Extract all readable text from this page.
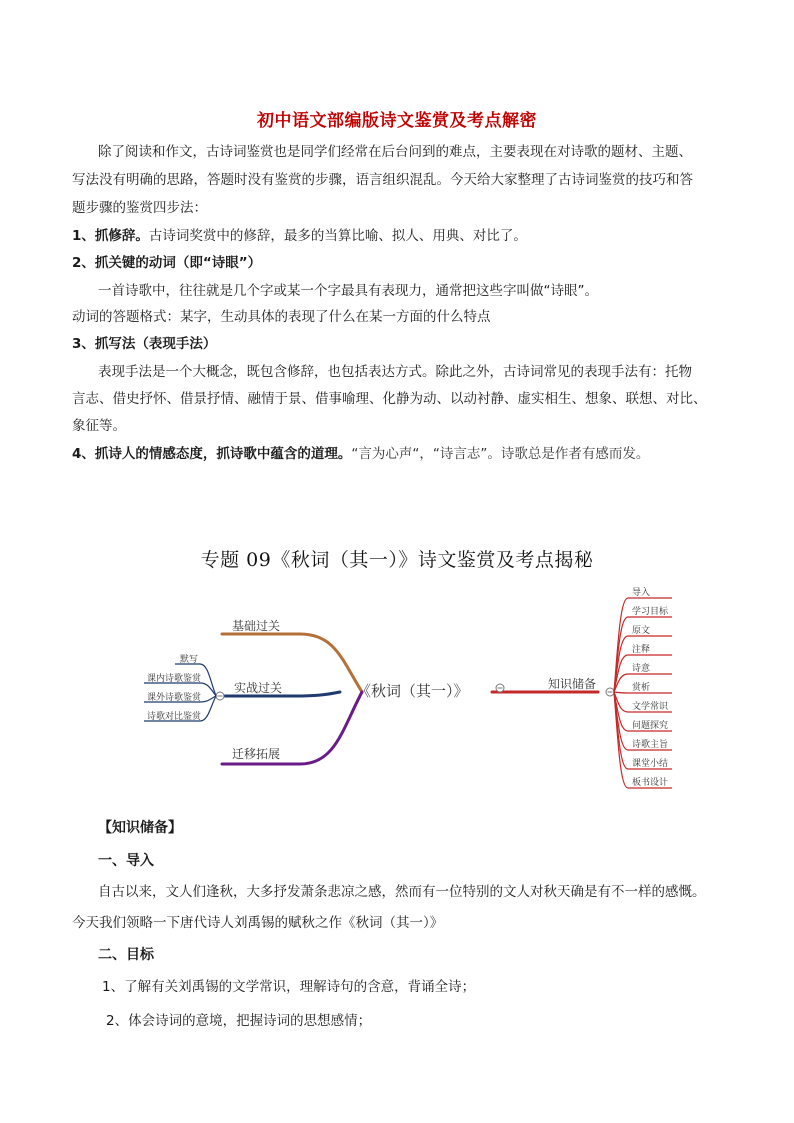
初中语文部编版诗文鉴赏及考点解密
除了阅读和作文，古诗词鉴赏也是同学们经常在后台问到的难点，主要表现在对诗歌的题材、主题、
写法没有明确的思路，答题时没有鉴赏的步骤，语言组织混乱。今天给大家整理了古诗词鉴赏的技巧和答
题步骤的鉴赏四步法：
1、抓修辞。古诗词奖赏中的修辞，最多的当算比喻、拟人、用典、对比了。
2、抓关键的动词（即“诗眼”）
一首诗歌中，往往就是几个字或某一个字最具有表现力，通常把这些字叫做“诗眼”。
动词的答题格式：某字，生动具体的表现了什么在某一方面的什么特点
3、抓写法（表现手法）
表现手法是一个大概念，既包含修辞，也包括表达方式。除此之外，古诗词常见的表现手法有：托物
言志、借史抒怀、借景抒情、融情于景、借事喻理、化静为动、以动衬静、虚实相生、想象、联想、对比、
象征等。
4、抓诗人的情感态度，抓诗歌中蕴含的道理。“言为心声“，“诗言志”。诗歌总是作者有感而发。
专题 09《秋词（其一）》诗文鉴赏及考点揭秘
基础过关
实战过关
默写
课内诗歌鉴赏
课外诗歌鉴赏
诗歌对比鉴赏
迁移拓展
《秋词（其一）》	知识储备
导入
学习目标
原文
注释
诗意
赏析
文学常识
问题探究
诗歌主旨
课堂小结
板书设计
【知识储备】
一、导入
自古以来，文人们逢秋，大多抒发萧条悲凉之感，然而有一位特别的文人对秋天确是有不一样的感慨。
今天我们领略一下唐代诗人刘禹锡的赋秋之作《秋词（其一）》
二、目标
1、了解有关刘禹锡的文学常识，理解诗句的含意，背诵全诗；
2、体会诗词的意境，把握诗词的思想感情；
